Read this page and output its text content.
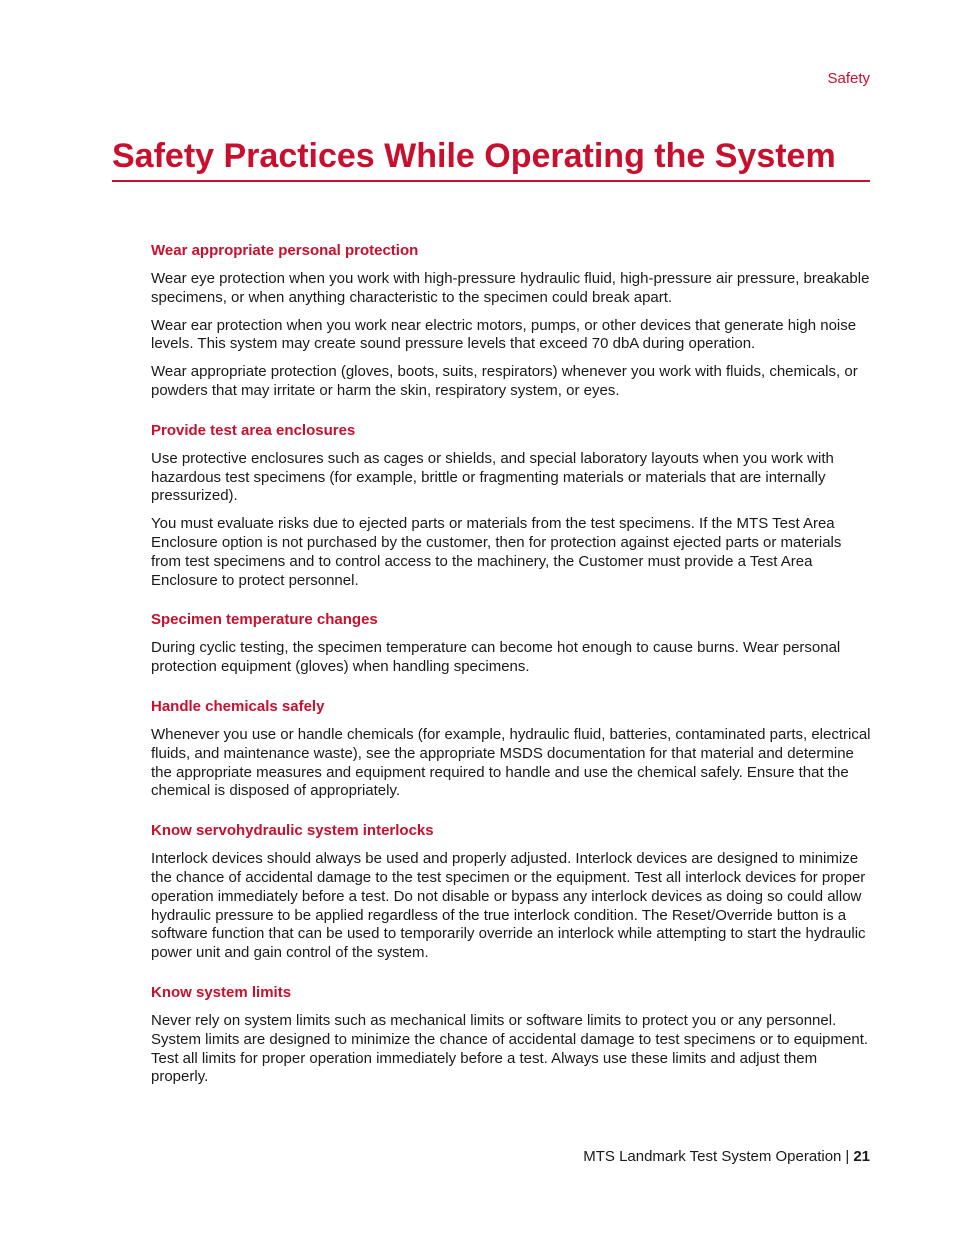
Safety
Safety Practices While Operating the System
Wear appropriate personal protection

Wear eye protection when you work with high-pressure hydraulic fluid, high-pressure air pressure, breakable specimens, or when anything characteristic to the specimen could break apart.

Wear ear protection when you work near electric motors, pumps, or other devices that generate high noise levels. This system may create sound pressure levels that exceed 70 dbA during operation.

Wear appropriate protection (gloves, boots, suits, respirators) whenever you work with fluids, chemicals, or powders that may irritate or harm the skin, respiratory system, or eyes.

Provide test area enclosures

Use protective enclosures such as cages or shields, and special laboratory layouts when you work with hazardous test specimens (for example, brittle or fragmenting materials or materials that are internally pressurized).

You must evaluate risks due to ejected parts or materials from the test specimens. If the MTS Test Area Enclosure option is not purchased by the customer, then for protection against ejected parts or materials from test specimens and to control access to the machinery, the Customer must provide a Test Area Enclosure to protect personnel.

Specimen temperature changes

During cyclic testing, the specimen temperature can become hot enough to cause burns. Wear personal protection equipment (gloves) when handling specimens.

Handle chemicals safely

Whenever you use or handle chemicals (for example, hydraulic fluid, batteries, contaminated parts, electrical fluids, and maintenance waste), see the appropriate MSDS documentation for that material and determine the appropriate measures and equipment required to handle and use the chemical safely. Ensure that the chemical is disposed of appropriately.

Know servohydraulic system interlocks

Interlock devices should always be used and properly adjusted. Interlock devices are designed to minimize the chance of accidental damage to the test specimen or the equipment. Test all interlock devices for proper operation immediately before a test. Do not disable or bypass any interlock devices as doing so could allow hydraulic pressure to be applied regardless of the true interlock condition. The Reset/Override button is a software function that can be used to temporarily override an interlock while attempting to start the hydraulic power unit and gain control of the system.

Know system limits

Never rely on system limits such as mechanical limits or software limits to protect you or any personnel. System limits are designed to minimize the chance of accidental damage to test specimens or to equipment. Test all limits for proper operation immediately before a test. Always use these limits and adjust them properly.

MTS Landmark Test System Operation | 21
